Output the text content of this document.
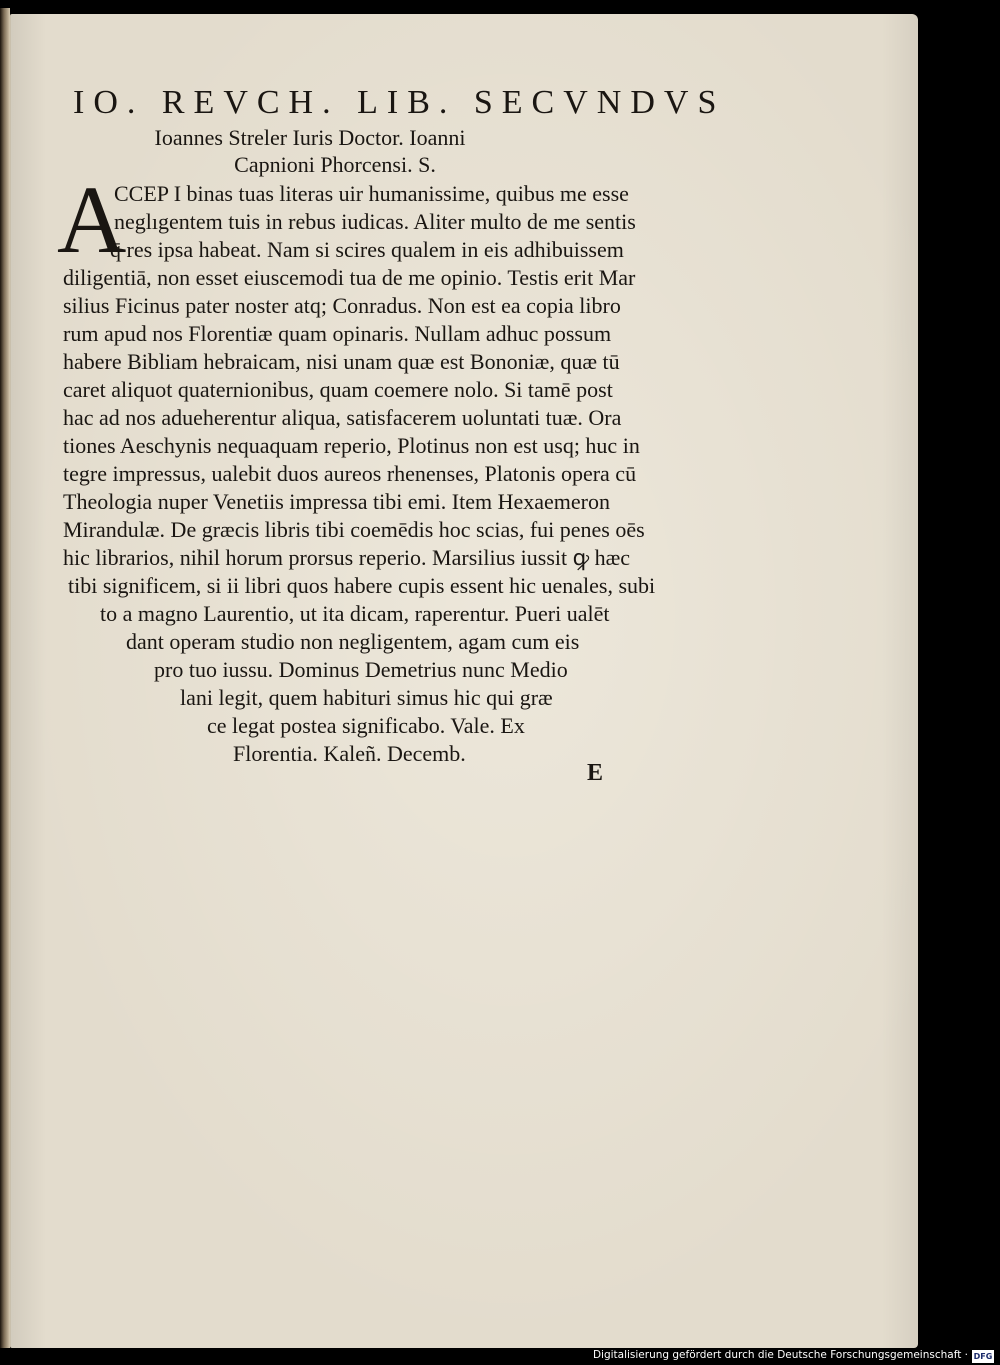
IO. REVCH. LIB. SECVNDVS
Ioannes Streler Iuris Doctor. Ioanni
Capnioni Phorcensi. S.
A
CCEP I binas tuas literas uir humanissime, quibus me esse
neglıgentem tuis in rebus iudicas. Aliter multo de me sentis
q̄ res ipsa habeat. Nam si scires qualem in eis adhibuissem
diligentiā, non esset eiuscemodi tua de me opinio. Testis erit Mar
silius Ficinus pater noster atq; Conradus. Non est ea copia libro
rum apud nos Florentiæ quam opinaris. Nullam adhuc possum
habere Bibliam hebraicam, nisi unam quæ est Bononiæ, quæ tū
caret aliquot quaternionibus, quam coemere nolo. Si tamē post
hac ad nos adueherentur aliqua, satisfacerem uoluntati tuæ. Ora
tiones Aeschynis nequaquam reperio, Plotinus non est usq; huc in
tegre impressus, ualebit duos aureos rhenenses, Platonis opera cū
Theologia nuper Venetiis impressa tibi emi. Item Hexaemeron
Mirandulæ. De græcis libris tibi coemēdis hoc scias, fui penes oēs
hic librarios, nihil horum prorsus reperio. Marsilius iussit ꝙ hæc
tibi significem, si ii libri quos habere cupis essent hic uenales, subi
to a magno Laurentio, ut ita dicam, raperentur. Pueri ualēt
dant operam studio non negligentem, agam cum eis
pro tuo iussu. Dominus Demetrius nunc Medio
lani legit, quem habituri simus hic qui græ
ce legat postea significabo. Vale. Ex
Florentia. Kaleñ. Decemb.
E
Digitalisierung gefördert durch die Deutsche Forschungsgemeinschaft · DFG
